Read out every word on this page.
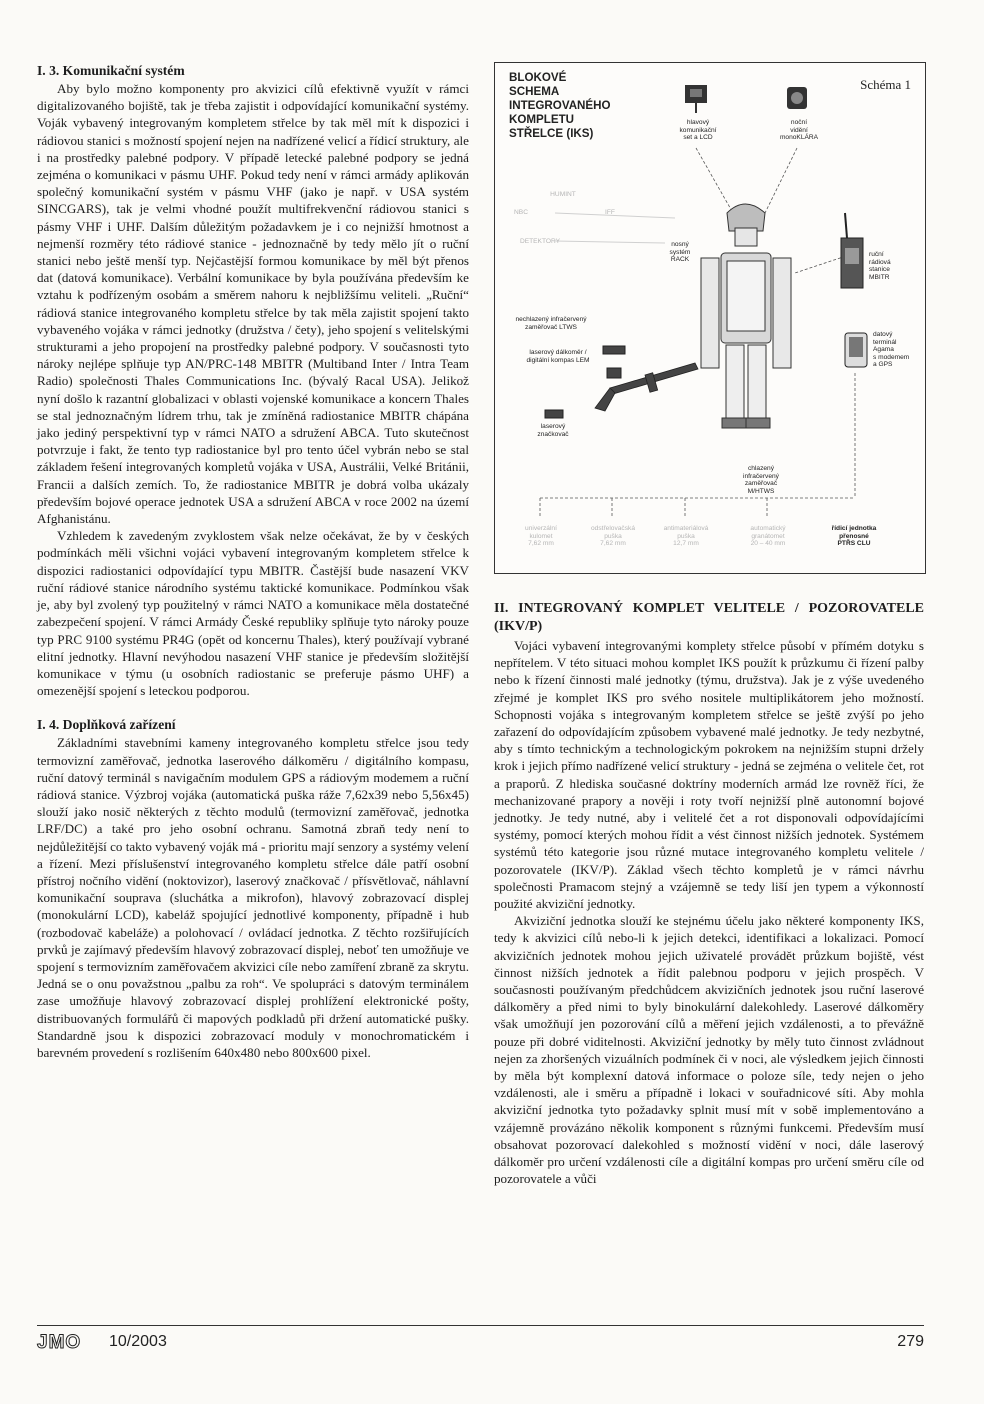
I. 3. Komunikační systém

Aby bylo možno komponenty pro akvizici cílů efektivně využít v rámci digitalizovaného bojiště, tak je třeba zajistit i odpovídající komunikační systémy. Voják vybavený integrovaným kompletem střelce by tak měl mít k dispozici i rádiovou stanici s možností spojení nejen na nadřízené velicí a řídicí struktury, ale i na prostředky palebné podpory. V případě letecké palebné podpory se jedná zejména o komunikaci v pásmu UHF. Pokud tedy není v rámci armády aplikován společný komunikační systém v pásmu VHF (jako je např. v USA systém SINCGARS), tak je velmi vhodné použít multifrekvenční rádiovou stanici s pásmy VHF i UHF. Dalším důležitým požadavkem je i co nejnižší hmotnost a nejmenší rozměry této rádiové stanice - jednoznačně by tedy mělo jít o ruční stanici nebo ještě menší typ. Nejčastější formou komunikace by měl být přenos dat (datová komunikace). Verbální komunikace by byla používána především ke vztahu k podřízeným osobám a směrem nahoru k nejbližšímu veliteli. „Ruční“ rádiová stanice integrovaného kompletu střelce by tak měla zajistit spojení takto vybaveného vojáka v rámci jednotky (družstva / čety), jeho spojení s velitelskými strukturami a jeho propojení na prostředky palebné podpory. V současnosti tyto nároky nejlépe splňuje typ AN/PRC-148 MBITR (Multiband Inter / Intra Team Radio) společnosti Thales Communications Inc. (bývalý Racal USA). Jelikož nyní došlo k razantní globalizaci v oblasti vojenské komunikace a koncern Thales se stal jednoznačným lídrem trhu, tak je zmíněná radiostanice MBITR chápána jako jediný perspektivní typ v rámci NATO a sdružení ABCA. Tuto skutečnost potvrzuje i fakt, že tento typ radiostanice byl pro tento účel vybrán nebo se stal základem řešení integrovaných kompletů vojáka v USA, Austrálii, Velké Británii, Francii a dalších zemích. To, že radiostanice MBITR je dobrá volba ukázaly především bojové operace jednotek USA a sdružení ABCA v roce 2002 na území Afghanistánu.

Vzhledem k zavedeným zvyklostem však nelze očekávat, že by v českých podmínkách měli všichni vojáci vybavení integrovaným kompletem střelce k dispozici radiostanici odpovídající typu MBITR. Častější bude nasazení VKV ruční rádiové stanice národního systému taktické komunikace. Podmínkou však je, aby byl zvolený typ použitelný v rámci NATO a komunikace měla dostatečné zabezpečení spojení. V rámci Armády České republiky splňuje tyto nároky pouze typ PRC 9100 systému PR4G (opět od koncernu Thales), který používají vybrané elitní jednotky. Hlavní nevýhodou nasazení VHF stanice je především složitější komunikace v týmu (u osobních radiostanic se preferuje pásmo UHF) a omezenější spojení s leteckou podporou.

I. 4. Doplňková zařízení

Základními stavebními kameny integrovaného kompletu střelce jsou tedy termovizní zaměřovač, jednotka laserového dálkoměru / digitálního kompasu, ruční datový terminál s navigačním modulem GPS a rádiovým modemem a ruční rádiová stanice. Výzbroj vojáka (automatická puška ráže 7,62x39 nebo 5,56x45) slouží jako nosič některých z těchto modulů (termovizní zaměřovač, jednotka LRF/DC) a také pro jeho osobní ochranu. Samotná zbraň tedy není to nejdůležitější co takto vybavený voják má - prioritu mají senzory a systémy velení a řízení. Mezi příslušenství integrovaného kompletu střelce dále patří osobní přístroj nočního vidění (noktovizor), laserový značkovač / přísvětlovač, náhlavní komunikační souprava (sluchátka a mikrofon), hlavový zobrazovací displej (monokulární LCD), kabeláž spojující jednotlivé komponenty, případně i hub (rozbodovač kabeláže) a polohovací / ovládací jednotka. Z těchto rozšiřujících prvků je zajímavý především hlavový zobrazovací displej, neboť ten umožňuje ve spojení s termovizním zaměřovačem akvizici cíle nebo zamíření zbraně za skrytu. Jedná se o onu považstnou „palbu za roh“. Ve spolupráci s datovým terminálem zase umožňuje hlavový zobrazovací displej prohlížení elektronické pošty, distribuovaných formulářů či mapových podkladů při držení automatické pušky. Standardně jsou k dispozici zobrazovací moduly v monochromatickém i barevném provedení s rozlišením 640x480 nebo 800x600 pixel.

BLOKOVÉ
SCHEMA
INTEGROVANÉHO
KOMPLETU
STŘELCE (IKS)
Schéma 1
hlavový
komunikační
set a LCD
noční
vidění
monoKLÁRA
HUMINT
NBC	IFF
DETEKTORY	nosný
systém
RACK
ruční
rádiová
stanice
MBITR
nechlazený infračervený
zaměřovač LTWS
laserový dálkoměr /
digitální kompas LEM
datový
terminál
Agama
s modemem
a GPS
laserový
značkovač
chlazený
infračervený
zaměřovač
M/HTWS
univerzální
kulomet
7,62 mm
odstřelovačská
puška
7,62 mm
antimateriálová
puška
12,7 mm
automatický
granátomet
20 – 40 mm
řídicí jednotka
přenosné
PTŘS CLU
II. INTEGROVANÝ KOMPLET VELITELE / POZOROVATELE (IKV/P)

Vojáci vybavení integrovanými komplety střelce působí v přímém dotyku s nepřítelem. V této situaci mohou komplet IKS použít k průzkumu či řízení palby nebo k řízení činnosti malé jednotky (týmu, družstva). Jak je z výše uvedeného zřejmé je komplet IKS pro svého nositele multiplikátorem jeho možností. Schopnosti vojáka s integrovaným kompletem střelce se ještě zvýší po jeho zařazení do odpovídajícím způsobem vybavené malé jednotky. Je tedy nezbytné, aby s tímto technickým a technologickým pokrokem na nejnižším stupni držely krok i jejich přímo nadřízené velicí struktury - jedná se zejména o velitele čet, rot a praporů. Z hlediska současné doktríny moderních armád lze rovněž říci, že mechanizované prapory a nověji i roty tvoří nejnižší plně autonomní bojové jednotky. Je tedy nutné, aby i velitelé čet a rot disponovali odpovídajícími systémy, pomocí kterých mohou řídit a vést činnost nižších jednotek. Systémem systémů této kategorie jsou různé mutace integrovaného kompletu velitele / pozorovatele (IKV/P). Základ všech těchto kompletů je v rámci návrhu společnosti Pramacom stejný a vzájemně se tedy liší jen typem a výkonností použité akviziční jednotky.

Akviziční jednotka slouží ke stejnému účelu jako některé komponenty IKS, tedy k akvizici cílů nebo-li k jejich detekci, identifikaci a lokalizaci. Pomocí akvizičních jednotek mohou jejich uživatelé provádět průzkum bojiště, vést činnost nižších jednotek a řídit palebnou podporu v jejich prospěch. V současnosti používaným předchůdcem akvizičních jednotek jsou ruční laserové dálkoměry a před nimi to byly binokulární dalekohledy. Laserové dálkoměry však umožňují jen pozorování cílů a měření jejich vzdálenosti, a to převážně pouze při dobré viditelnosti. Akviziční jednotky by měly tuto činnost zvládnout nejen za zhoršených vizuálních podmínek či v noci, ale výsledkem jejich činnosti by měla být komplexní datová informace o poloze síle, tedy nejen o jeho vzdálenosti, ale i směru a případně i lokaci v souřadnicové síti. Aby mohla akviziční jednotka tyto požadavky splnit musí mít v sobě implementováno a vzájemně provázáno několik komponent s různými funkcemi. Především musí obsahovat pozorovací dalekohled s možností vidění v noci, dále laserový dálkoměr pro určení vzdálenosti cíle a digitální kompas pro určení směru cíle od pozorovatele a vůči

JMO 10/2003	279
